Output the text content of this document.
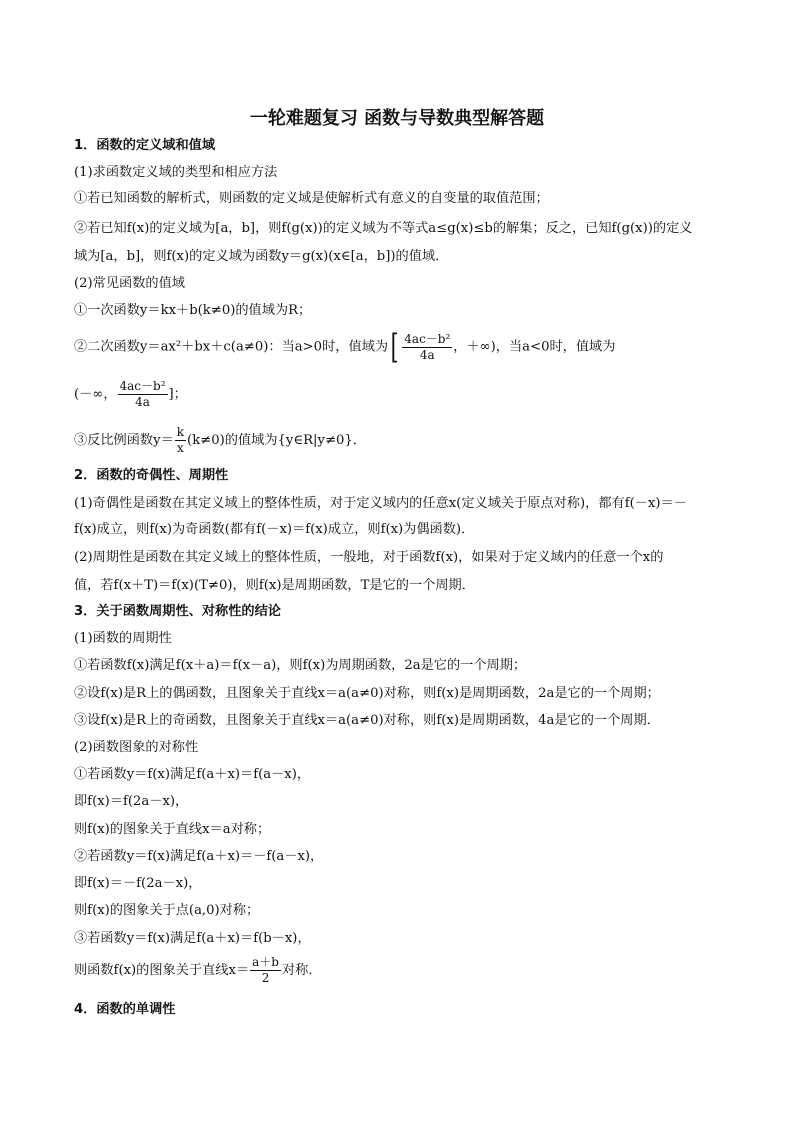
一轮难题复习 函数与导数典型解答题
1．函数的定义域和值域
(1)求函数定义域的类型和相应方法
①若已知函数的解析式，则函数的定义域是使解析式有意义的自变量的取值范围；
②若已知f(x)的定义域为[a，b]，则f(g(x))的定义域为不等式a≤g(x)≤b的解集；反之，已知f(g(x))的定义
域为[a，b]，则f(x)的定义域为函数y＝g(x)(x∈[a，b])的值域．
(2)常见函数的值域
①一次函数y＝kx＋b(k≠0)的值域为R；
②二次函数y＝ax²＋bx＋c(a≠0)：当a>0时，值域为[ $\frac{\text{4ac－b²}}{4a}$ ，＋∞)，当a<0时，值域为
(－∞， $\frac{\text{4ac－b²}}{4a}$ ]；
③反比例函数$y= \frac{k}{x} (k\ne 0)$的值域为{y∈R|y≠0}．
2．函数的奇偶性、周期性
(1)奇偶性是函数在其定义域上的整体性质，对于定义域内的任意x(定义域关于原点对称)，都有f(－x)＝－
f(x)成立，则f(x)为奇函数(都有f(－x)＝f(x)成立，则f(x)为偶函数)．
(2)周期性是函数在其定义域上的整体性质，一般地，对于函数f(x)，如果对于定义域内的任意一个x的
值，若f(x＋T)＝f(x)(T≠0)，则f(x)是周期函数，T是它的一个周期．
3．关于函数周期性、对称性的结论
(1)函数的周期性
①若函数f(x)满足f(x＋a)＝f(x－a)，则f(x)为周期函数，2a是它的一个周期；
②设f(x)是R上的偶函数，且图象关于直线x＝a(a≠0)对称，则f(x)是周期函数，2a是它的一个周期；
③设f(x)是R上的奇函数，且图象关于直线x＝a(a≠0)对称，则f(x)是周期函数，4a是它的一个周期．
(2)函数图象的对称性
①若函数y＝f(x)满足f(a＋x)＝f(a－x)，
即f(x)＝f(2a－x)，
则f(x)的图象关于直线x＝a对称；
②若函数y＝f(x)满足f(a＋x)＝－f(a－x)，
即f(x)＝－f(2a－x)，
则f(x)的图象关于点(a,0)对称；
③若函数y＝f(x)满足f(a＋x)＝f(b－x)，
则函数f(x)的图象关于直线$x= \frac{a+b}{2}$ 对称．
4．函数的单调性
